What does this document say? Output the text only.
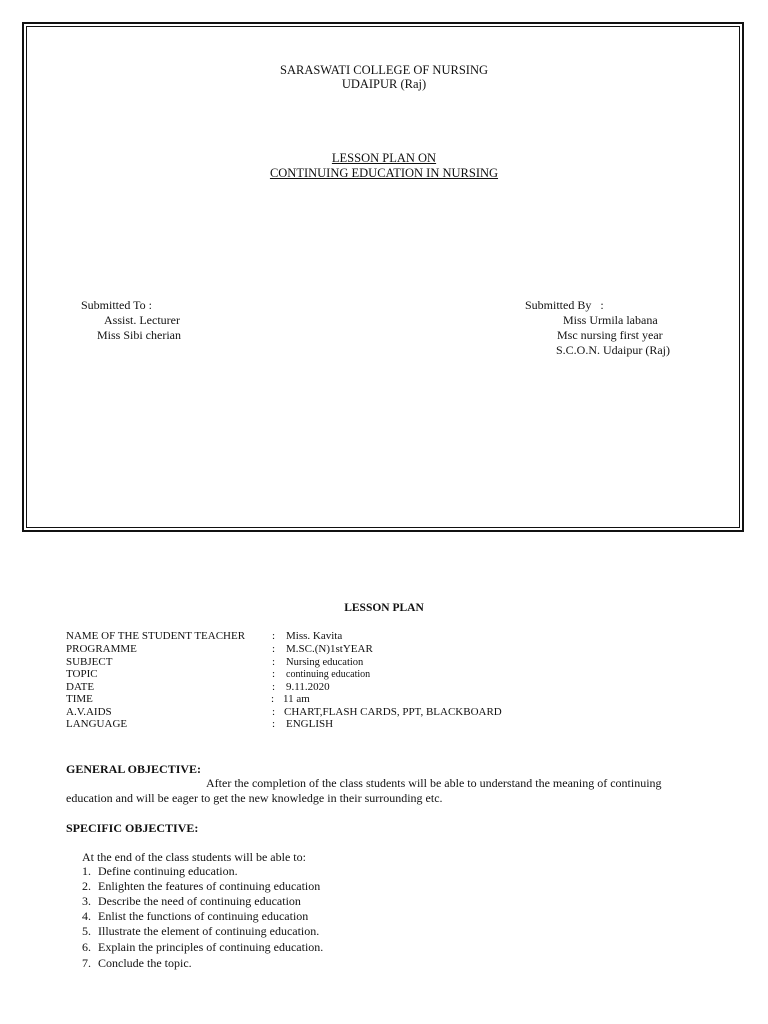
SARASWATI COLLEGE OF NURSING
UDAIPUR (Raj)
LESSON PLAN ON
CONTINUING EDUCATION IN NURSING
Submitted To :
Assist. Lecturer
Miss Sibi cherian
Submitted By   :
Miss Urmila labana
Msc nursing first year
S.C.O.N. Udaipur (Raj)
LESSON PLAN
NAME OF THE STUDENT TEACHER : Miss. Kavita
PROGRAMME	: M.SC.(N)1stYEAR
SUBJECT	: Nursing education
TOPIC	: continuing education
DATE	: 9.11.2020
TIME	: 11 am
A.V.AIDS	: CHART,FLASH CARDS, PPT, BLACKBOARD
LANGUAGE	: ENGLISH
GENERAL OBJECTIVE:
After the completion of the class students will be able to understand the meaning of continuing
education and will be eager to get the new knowledge in their surrounding etc.
SPECIFIC OBJECTIVE:
At the end of the class students will be able to:
1. Define continuing education.
2. Enlighten the features of continuing education
3. Describe the need of continuing education
4. Enlist the functions of continuing education
5. Illustrate the element of continuing education.
6. Explain the principles of continuing education.
7. Conclude the topic.
